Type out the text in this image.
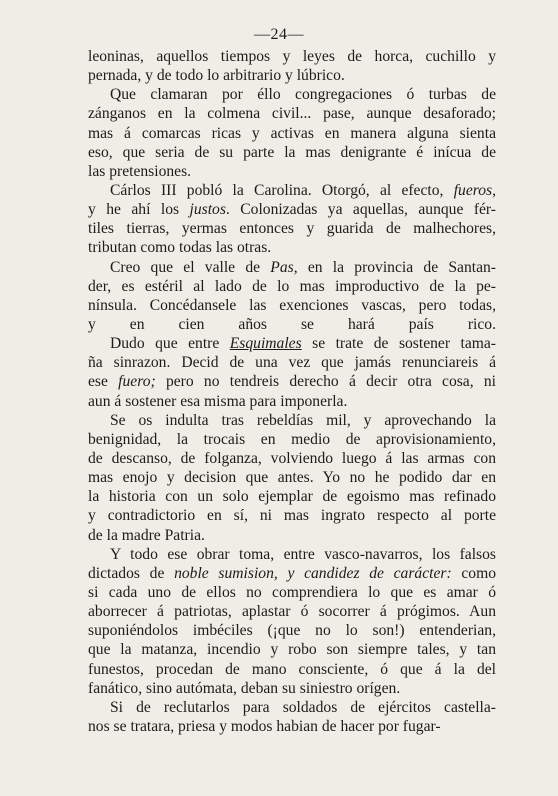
—24—
leoninas, aquellos tiempos y leyes de horca, cuchillo y
pernada, y de todo lo arbitrario y lúbrico.
Que clamaran por éllo congregaciones ó turbas de
zánganos en la colmena civil... pase, aunque desaforado;
mas á comarcas ricas y activas en manera alguna sienta
eso, que seria de su parte la mas denigrante é inícua de
las pretensiones.
Cárlos III pobló la Carolina. Otorgó, al efecto, fueros,
y he ahí los justos. Colonizadas ya aquellas, aunque fér-
tiles tierras, yermas entonces y guarida de malhechores,
tributan como todas las otras.
Creo que el valle de Pas, en la provincia de Santan-
der, es estéril al lado de lo mas improductivo de la pe-
nínsula. Concédansele las exenciones vascas, pero todas,
y en cien años se hará país rico.
Dudo que entre Esquimales se trate de sostener tama-
ña sinrazon. Decid de una vez que jamás renunciareis á
ese fuero; pero no tendreis derecho á decir otra cosa, ni
aun á sostener esa misma para imponerla.
Se os indulta tras rebeldías mil, y aprovechando la
benignidad, la trocais en medio de aprovisionamiento,
de descanso, de folganza, volviendo luego á las armas con
mas enojo y decision que antes. Yo no he podido dar en
la historia con un solo ejemplar de egoismo mas refinado
y contradictorio en sí, ni mas ingrato respecto al porte
de la madre Patria.
Y todo ese obrar toma, entre vasco-navarros, los falsos
dictados de noble sumision, y candidez de carácter: como
si cada uno de ellos no comprendiera lo que es amar ó
aborrecer á patriotas, aplastar ó socorrer á prógimos. Aun
suponiéndolos imbéciles (¡que no lo son!) entenderian,
que la matanza, incendio y robo son siempre tales, y tan
funestos, procedan de mano consciente, ó que á la del
fanático, sino autómata, deban su siniestro orígen.
Si de reclutarlos para soldados de ejércitos castella-
nos se tratara, priesa y modos habian de hacer por fugar-
